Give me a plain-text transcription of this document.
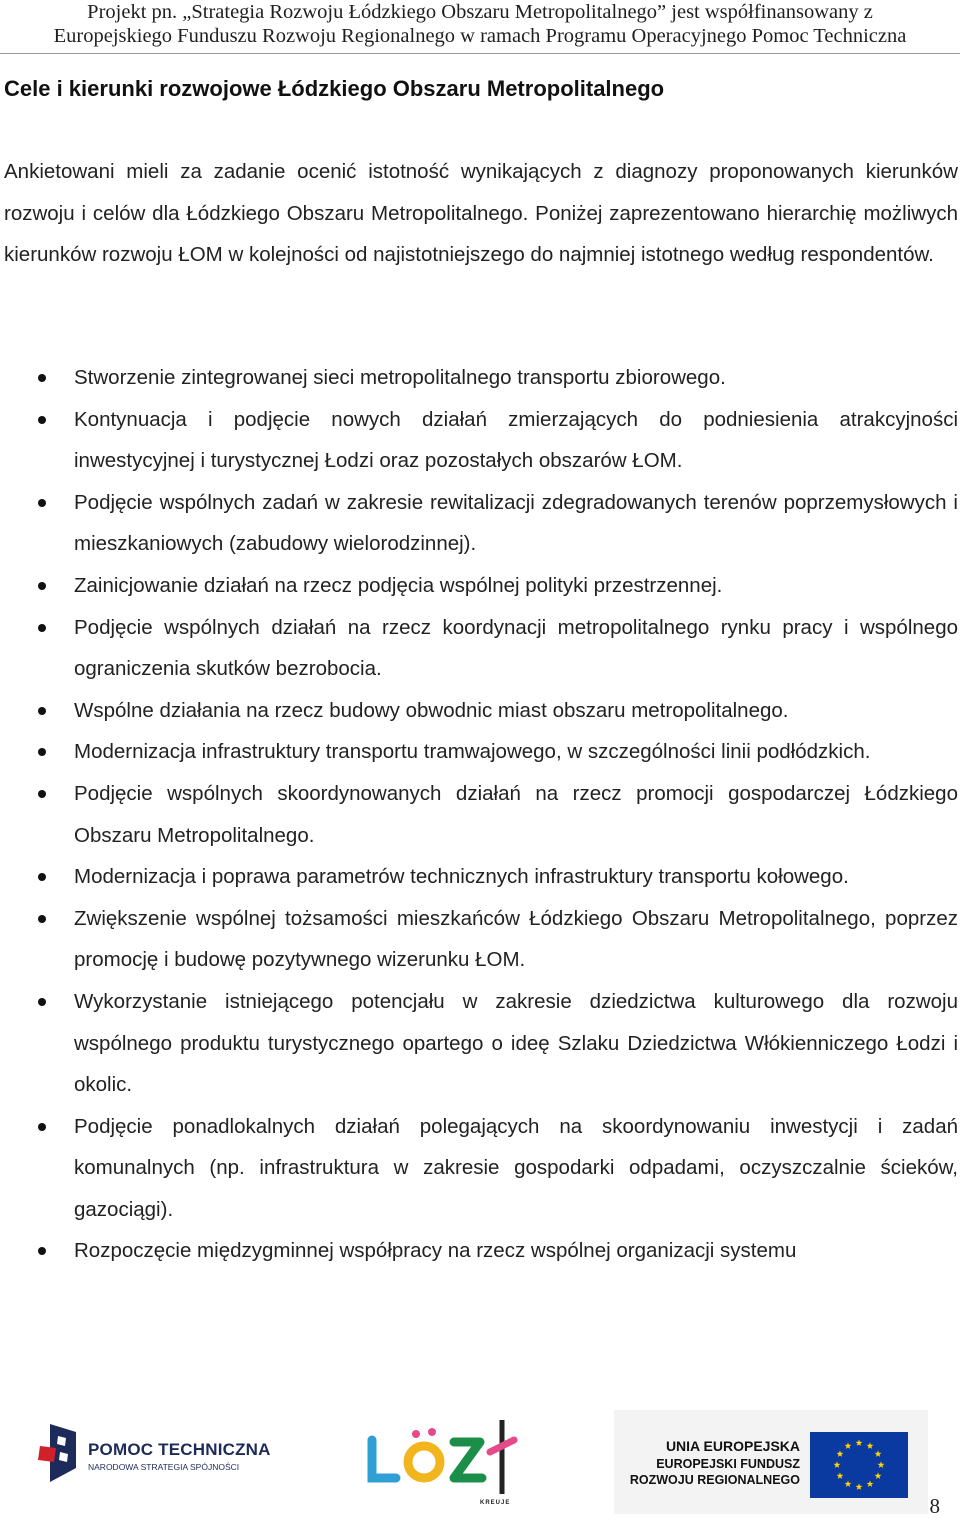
Projekt pn. „Strategia Rozwoju Łódzkiego Obszaru Metropolitalnego” jest współfinansowany z
Europejskiego Funduszu Rozwoju Regionalnego w ramach Programu Operacyjnego Pomoc Techniczna
Cele i kierunki rozwojowe Łódzkiego Obszaru Metropolitalnego
Ankietowani mieli za zadanie ocenić istotność wynikających z diagnozy proponowanych kierunków rozwoju i celów dla Łódzkiego Obszaru Metropolitalnego. Poniżej zaprezentowano hierarchię możliwych kierunków rozwoju ŁOM w kolejności od najistotniejszego do najmniej istotnego według respondentów.
Stworzenie zintegrowanej sieci metropolitalnego transportu zbiorowego.
Kontynuacja i podjęcie nowych działań zmierzających do podniesienia atrakcyjności inwestycyjnej i turystycznej Łodzi oraz pozostałych obszarów ŁOM.
Podjęcie wspólnych zadań w zakresie rewitalizacji zdegradowanych terenów poprzemysłowych i mieszkaniowych (zabudowy wielorodzinnej).
Zainicjowanie działań na rzecz podjęcia wspólnej polityki przestrzennej.
Podjęcie wspólnych działań na rzecz koordynacji metropolitalnego rynku pracy i wspólnego ograniczenia skutków bezrobocia.
Wspólne działania na rzecz budowy obwodnic miast obszaru metropolitalnego.
Modernizacja infrastruktury transportu tramwajowego, w szczególności linii podłódzkich.
Podjęcie wspólnych skoordynowanych działań na rzecz promocji gospodarczej Łódzkiego Obszaru Metropolitalnego.
Modernizacja i poprawa parametrów technicznych infrastruktury transportu kołowego.
Zwiększenie wspólnej tożsamości mieszkańców Łódzkiego Obszaru Metropolitalnego, poprzez promocję i budowę pozytywnego wizerunku ŁOM.
Wykorzystanie istniejącego potencjału w zakresie dziedzictwa kulturowego dla rozwoju wspólnego produktu turystycznego opartego o ideę Szlaku Dziedzictwa Włókienniczego Łodzi i okolic.
Podjęcie ponadlokalnych działań polegających na skoordynowaniu inwestycji i zadań komunalnych (np. infrastruktura w zakresie gospodarki odpadami, oczyszczalnie ścieków, gazociągi).
Rozpoczęcie międzygminnej współpracy na rzecz wspólnej organizacji systemu
POMOC TECHNICZNA
NARODOWA STRATEGIA SPÓJNOŚCI
KREUJE
UNIA EUROPEJSKA
EUROPEJSKI FUNDUSZ
ROZWOJU REGIONALNEGO
8
